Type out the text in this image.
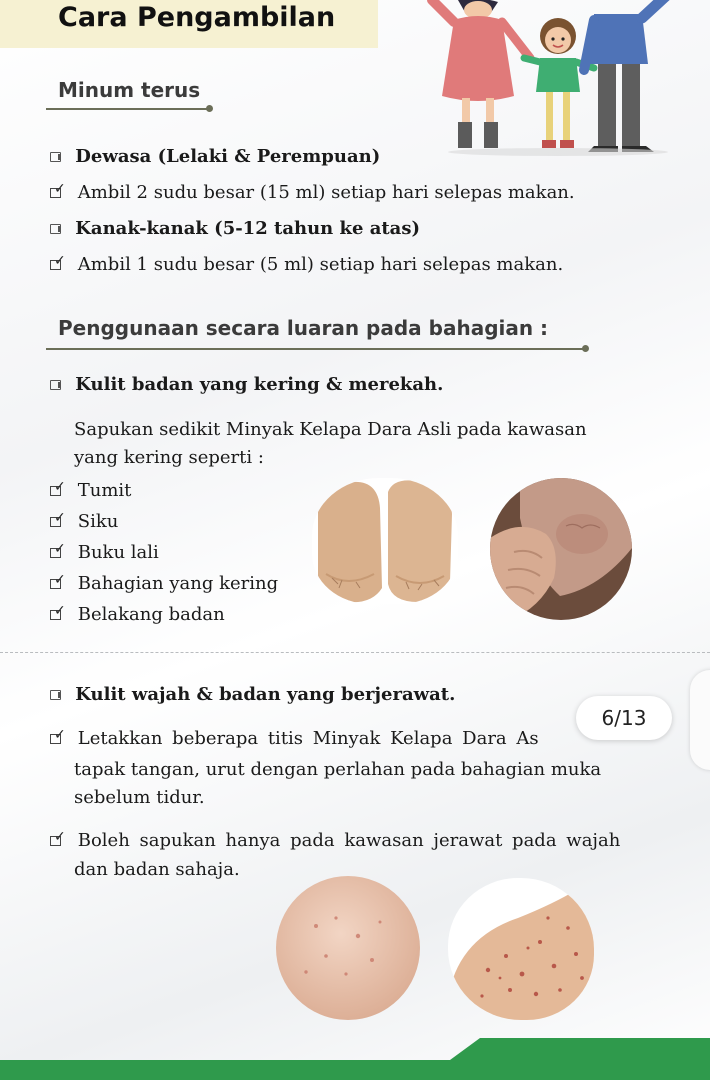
Cara Pengambilan
Minum terus
Dewasa (Lelaki & Perempuan)
✓ Ambil 2 sudu besar (15 ml) setiap hari selepas makan.
Kanak-kanak (5-12 tahun ke atas)
✓ Ambil 1 sudu besar (5 ml) setiap hari selepas makan.
Penggunaan secara luaran pada bahagian :
Kulit badan yang kering & merekah.
Sapukan sedikit Minyak Kelapa Dara Asli pada kawasan
yang kering seperti :
✓ Tumit
✓ Siku
✓ Buku lali
✓ Bahagian yang kering
✓ Belakang badan
Kulit wajah & badan yang berjerawat.
✓ Letakkan beberapa titis Minyak Kelapa Dara As
tapak tangan, urut dengan perlahan pada bahagian muka
sebelum tidur.
✓ Boleh sapukan hanya pada kawasan jerawat pada wajah
dan badan sahaja.
6/13
